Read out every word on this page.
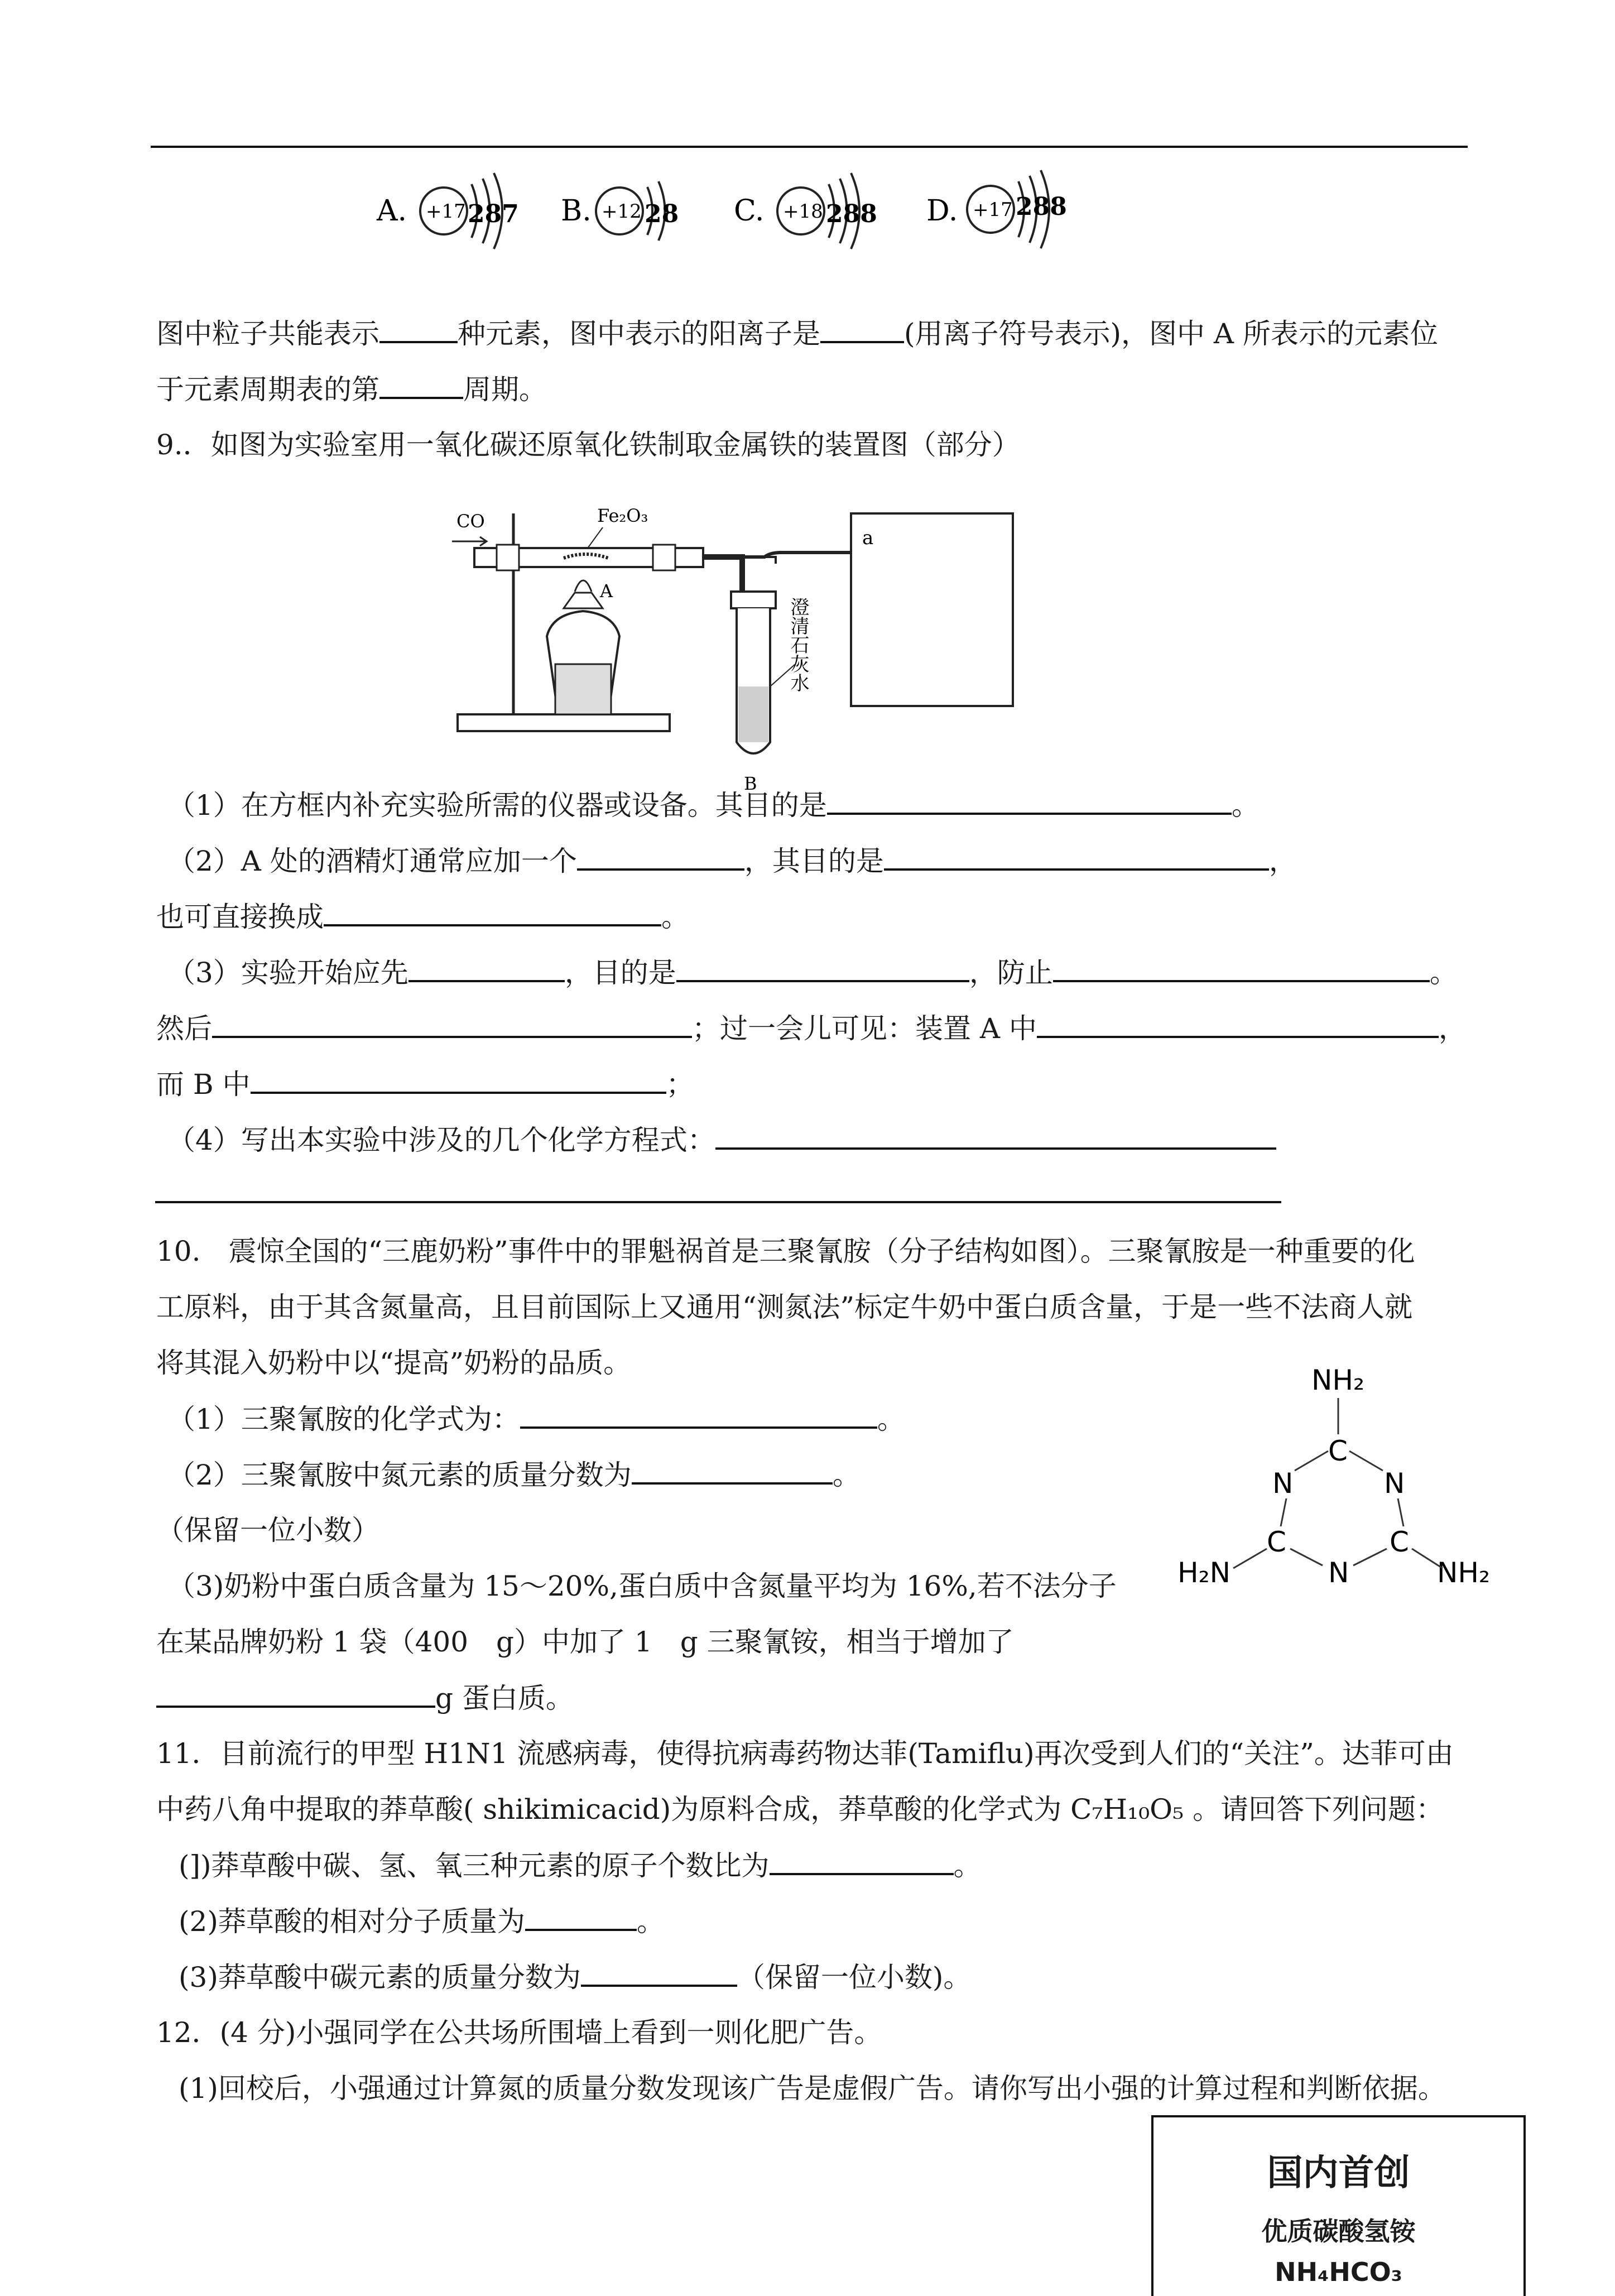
A. +17 287 B. +12 28 C. +18 288 D. +17 288
图中粒子共能表示	种元素，图中表示的阳离子是	(用离子符号表示)，图中 A 所表示的元素位
于元素周期表的第	周期。
9.．如图为实验室用一氧化碳还原氧化铁制取金属铁的装置图（部分）
CO	Fe₂O₃
A
澄清石灰水
B
a
（1）在方框内补充实验所需的仪器或设备。其目的是	。
（2）A 处的酒精灯通常应加一个	，其目的是	，
也可直接换成	。
（3）实验开始应先	，目的是	，防止	。
然后	；过一会儿可见：装置 A 中	，
而 B 中	；
（4）写出本实验中涉及的几个化学方程式：
10.　震惊全国的“三鹿奶粉”事件中的罪魁祸首是三聚氰胺（分子结构如图）。三聚氰胺是一种重要的化
工原料，由于其含氮量高，且目前国际上又通用“测氮法”标定牛奶中蛋白质含量，于是一些不法商人就
将其混入奶粉中以“提高”奶粉的品质。
（1）三聚氰胺的化学式为：	。
（2）三聚氰胺中氮元素的质量分数为	。
（保留一位小数）
（3)奶粉中蛋白质含量为 15～20%,蛋白质中含氮量平均为 16%,若不法分子
在某品牌奶粉 1 袋（400　g）中加了 1　g 三聚氰铵，相当于增加了
g 蛋白质。
NH₂
C
N	N
C	C
N
H₂N	NH₂
11．目前流行的甲型 H1N1 流感病毒，使得抗病毒药物达菲(Tamiflu)再次受到人们的“关注”。达菲可由
中药八角中提取的莽草酸( shikimicacid)为原料合成，莽草酸的化学式为 C₇H₁₀O₅ 。请回答下列问题：
(])莽草酸中碳、氢、氧三种元素的原子个数比为	。
(2)莽草酸的相对分子质量为	。
(3)莽草酸中碳元素的质量分数为	（保留一位小数)。
12．(4 分)小强同学在公共场所围墙上看到一则化肥广告。
(1)回校后，小强通过计算氮的质量分数发现该广告是虚假广告。请你写出小强的计算过程和判断依据。
国内首创
优质碳酸氢铵
NH₄HCO₃
